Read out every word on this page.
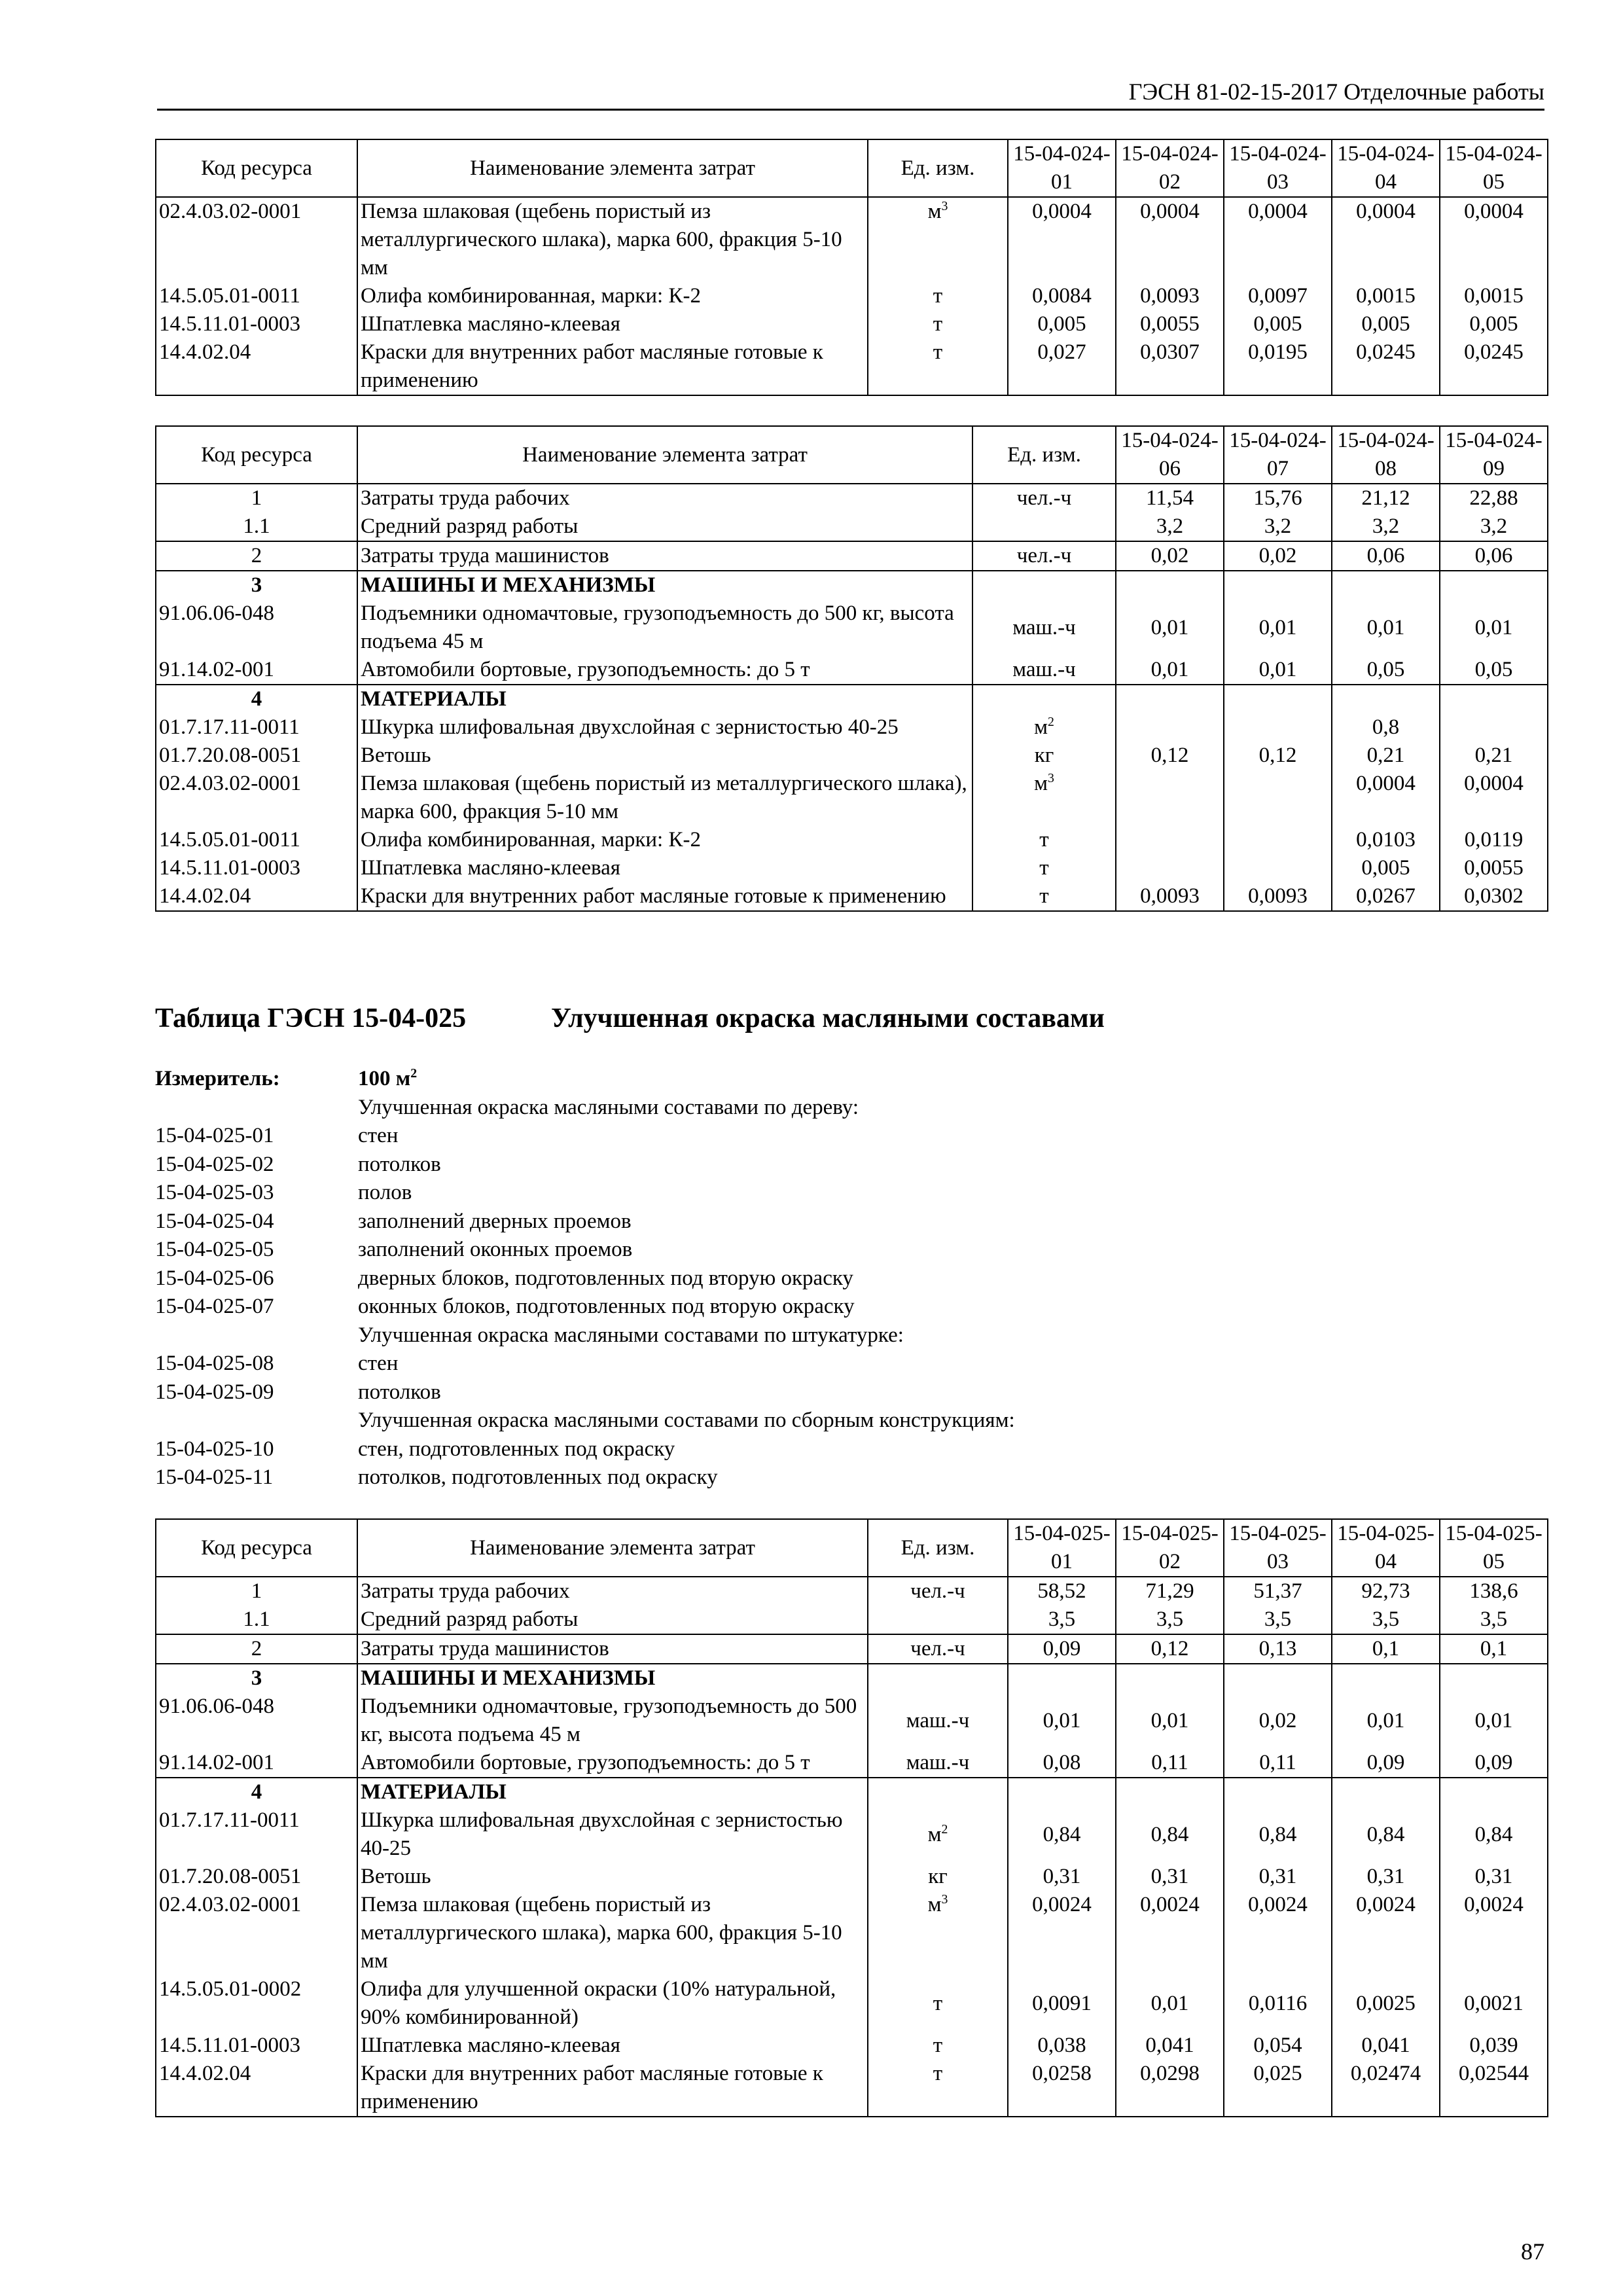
ГЭСН 81-02-15-2017 Отделочные работы
Код ресурса	Наименование элемента затрат	Ед. изм.	15-04-024-01	15-04-024-02	15-04-024-03	15-04-024-04	15-04-024-05
02.4.03.02-0001	Пемза шлаковая (щебень пористый из металлургического шлака), марка 600, фракция 5-10 мм	$м^3$	0,0004	0,0004	0,0004	0,0004	0,0004
14.5.05.01-0011	Олифа комбинированная, марки: К-2	т	0,0084	0,0093	0,0097	0,0015	0,0015
14.5.11.01-0003	Шпатлевка масляно-клеевая	т	0,005	0,0055	0,005	0,005	0,005
14.4.02.04	Краски для внутренних работ масляные готовые к применению	т	0,027	0,0307	0,0195	0,0245	0,0245
Код ресурса	Наименование элемента затрат	Ед. изм.	15-04-024-06	15-04-024-07	15-04-024-08	15-04-024-09
1	Затраты труда рабочих	чел.-ч	11,54	15,76	21,12	22,88
1.1	Средний разряд работы		3,2	3,2	3,2	3,2
2	Затраты труда машинистов	чел.-ч	0,02	0,02	0,06	0,06
3	МАШИНЫ И МЕХАНИЗМЫ					
91.06.06-048	Подъемники одномачтовые, грузоподъемность до 500 кг, высота подъема 45 м	маш.-ч	0,01	0,01	0,01	0,01
91.14.02-001	Автомобили бортовые, грузоподъемность: до 5 т	маш.-ч	0,01	0,01	0,05	0,05
4	МАТЕРИАЛЫ					
01.7.17.11-0011	Шкурка шлифовальная двухслойная с зернистостью 40-25	$м^2$			0,8	
01.7.20.08-0051	Ветошь	кг	0,12	0,12	0,21	0,21
02.4.03.02-0001	Пемза шлаковая (щебень пористый из металлургического шлака), марка 600, фракция 5-10 мм	$м^3$			0,0004	0,0004
14.5.05.01-0011	Олифа комбинированная, марки: К-2	т			0,0103	0,0119
14.5.11.01-0003	Шпатлевка масляно-клеевая	т			0,005	0,0055
14.4.02.04	Краски для внутренних работ масляные готовые к применению	т	0,0093	0,0093	0,0267	0,0302
Таблица ГЭСН 15-04-025	Улучшенная окраска масляными составами
Измеритель:	100 $м^2$
Улучшенная окраска масляными составами по дереву:
15-04-025-01	стен
15-04-025-02	потолков
15-04-025-03	полов
15-04-025-04	заполнений дверных проемов
15-04-025-05	заполнений оконных проемов
15-04-025-06	дверных блоков, подготовленных под вторую окраску
15-04-025-07	оконных блоков, подготовленных под вторую окраску
Улучшенная окраска масляными составами по штукатурке:
15-04-025-08	стен
15-04-025-09	потолков
Улучшенная окраска масляными составами по сборным конструкциям:
15-04-025-10	стен, подготовленных под окраску
15-04-025-11	потолков, подготовленных под окраску
Код ресурса	Наименование элемента затрат	Ед. изм.	15-04-025-01	15-04-025-02	15-04-025-03	15-04-025-04	15-04-025-05
1	Затраты труда рабочих	чел.-ч	58,52	71,29	51,37	92,73	138,6
1.1	Средний разряд работы		3,5	3,5	3,5	3,5	3,5
2	Затраты труда машинистов	чел.-ч	0,09	0,12	0,13	0,1	0,1
3	МАШИНЫ И МЕХАНИЗМЫ						
91.06.06-048	Подъемники одномачтовые, грузоподъемность до 500 кг, высота подъема 45 м	маш.-ч	0,01	0,01	0,02	0,01	0,01
91.14.02-001	Автомобили бортовые, грузоподъемность: до 5 т	маш.-ч	0,08	0,11	0,11	0,09	0,09
4	МАТЕРИАЛЫ						
01.7.17.11-0011	Шкурка шлифовальная двухслойная с зернистостью 40-25	$м^2$	0,84	0,84	0,84	0,84	0,84
01.7.20.08-0051	Ветошь	кг	0,31	0,31	0,31	0,31	0,31
02.4.03.02-0001	Пемза шлаковая (щебень пористый из металлургического шлака), марка 600, фракция 5-10 мм	$м^3$	0,0024	0,0024	0,0024	0,0024	0,0024
14.5.05.01-0002	Олифа для улучшенной окраски (10% натуральной, 90% комбинированной)	т	0,0091	0,01	0,0116	0,0025	0,0021
14.5.11.01-0003	Шпатлевка масляно-клеевая	т	0,038	0,041	0,054	0,041	0,039
14.4.02.04	Краски для внутренних работ масляные готовые к применению	т	0,0258	0,0298	0,025	0,02474	0,02544
87
